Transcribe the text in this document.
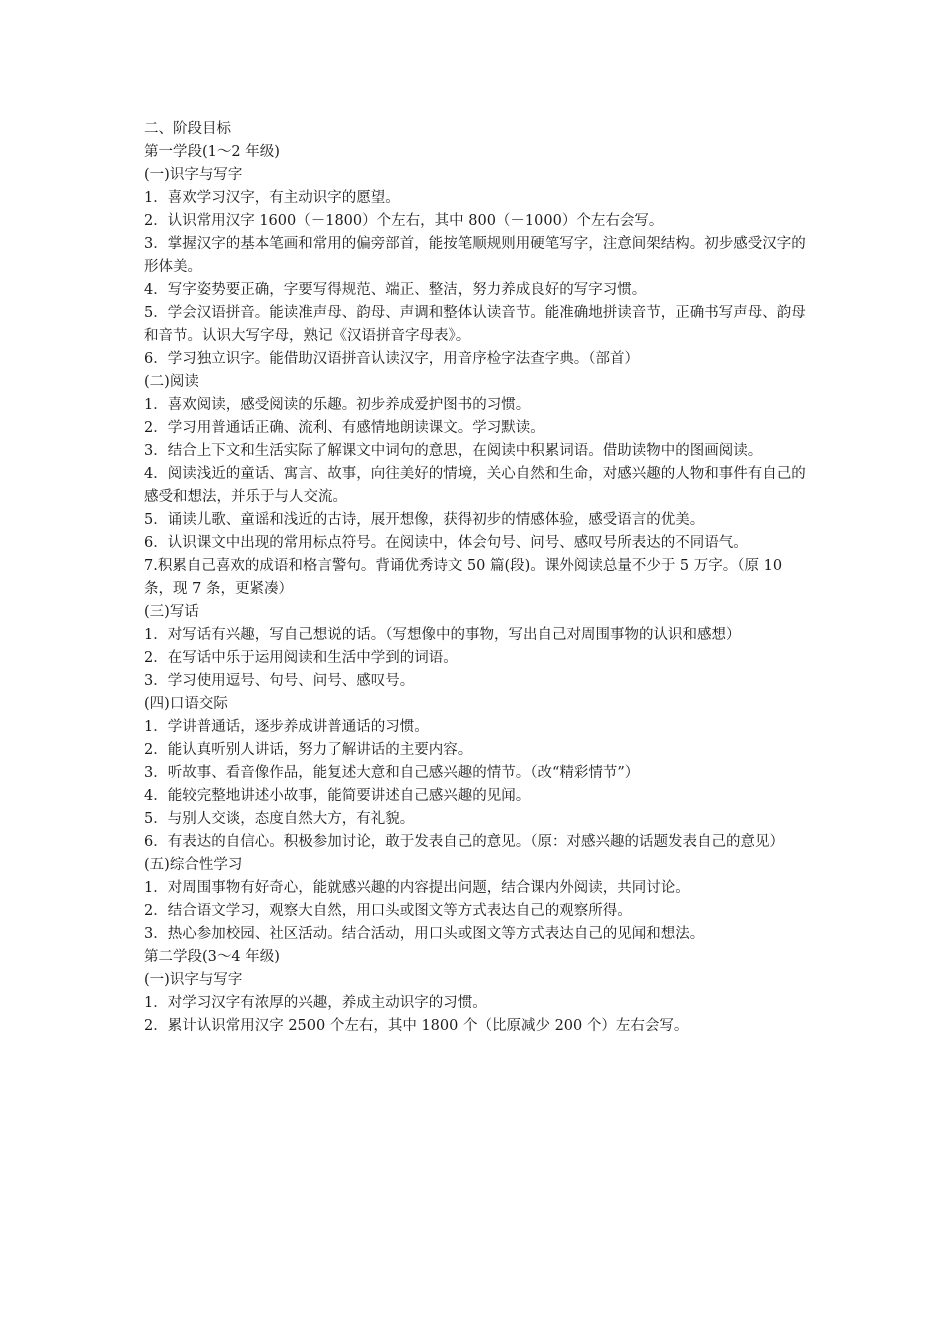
二、阶段目标
第一学段(1～2 年级)
(一)识字与写字
1．喜欢学习汉字，有主动识字的愿望。
2．认识常用汉字 1600（－1800）个左右，其中 800（－1000）个左右会写。
3．掌握汉字的基本笔画和常用的偏旁部首，能按笔顺规则用硬笔写字，注意间架结构。初步感受汉字的形体美。
4．写字姿势要正确，字要写得规范、端正、整洁，努力养成良好的写字习惯。
5．学会汉语拼音。能读准声母、韵母、声调和整体认读音节。能准确地拼读音节，正确书写声母、韵母和音节。认识大写字母，熟记《汉语拼音字母表》。
6．学习独立识字。能借助汉语拼音认读汉字，用音序检字法查字典。（部首）
(二)阅读
1．喜欢阅读，感受阅读的乐趣。初步养成爱护图书的习惯。
2．学习用普通话正确、流利、有感情地朗读课文。学习默读。
3．结合上下文和生活实际了解课文中词句的意思，在阅读中积累词语。借助读物中的图画阅读。
4．阅读浅近的童话、寓言、故事，向往美好的情境，关心自然和生命，对感兴趣的人物和事件有自己的感受和想法，并乐于与人交流。
5．诵读儿歌、童谣和浅近的古诗，展开想像，获得初步的情感体验，感受语言的优美。
6．认识课文中出现的常用标点符号。在阅读中，体会句号、问号、感叹号所表达的不同语气。
7.积累自己喜欢的成语和格言警句。背诵优秀诗文 50 篇(段)。课外阅读总量不少于 5 万字。（原 10 条，现 7 条，更紧凑）
(三)写话
1．对写话有兴趣，写自己想说的话。（写想像中的事物，写出自己对周围事物的认识和感想）
2．在写话中乐于运用阅读和生活中学到的词语。
3．学习使用逗号、句号、问号、感叹号。
(四)口语交际
1．学讲普通话，逐步养成讲普通话的习惯。
2．能认真听别人讲话，努力了解讲话的主要内容。
3．听故事、看音像作品，能复述大意和自己感兴趣的情节。（改“精彩情节”）
4．能较完整地讲述小故事，能简要讲述自己感兴趣的见闻。
5．与别人交谈，态度自然大方，有礼貌。
6．有表达的自信心。积极参加讨论，敢于发表自己的意见。（原：对感兴趣的话题发表自己的意见）
(五)综合性学习
1．对周围事物有好奇心，能就感兴趣的内容提出问题，结合课内外阅读，共同讨论。
2．结合语文学习，观察大自然，用口头或图文等方式表达自己的观察所得。
3．热心参加校园、社区活动。结合活动，用口头或图文等方式表达自己的见闻和想法。
第二学段(3～4 年级)
(一)识字与写字
1．对学习汉字有浓厚的兴趣，养成主动识字的习惯。
2．累计认识常用汉字 2500 个左右，其中 1800 个（比原减少 200 个）左右会写。
